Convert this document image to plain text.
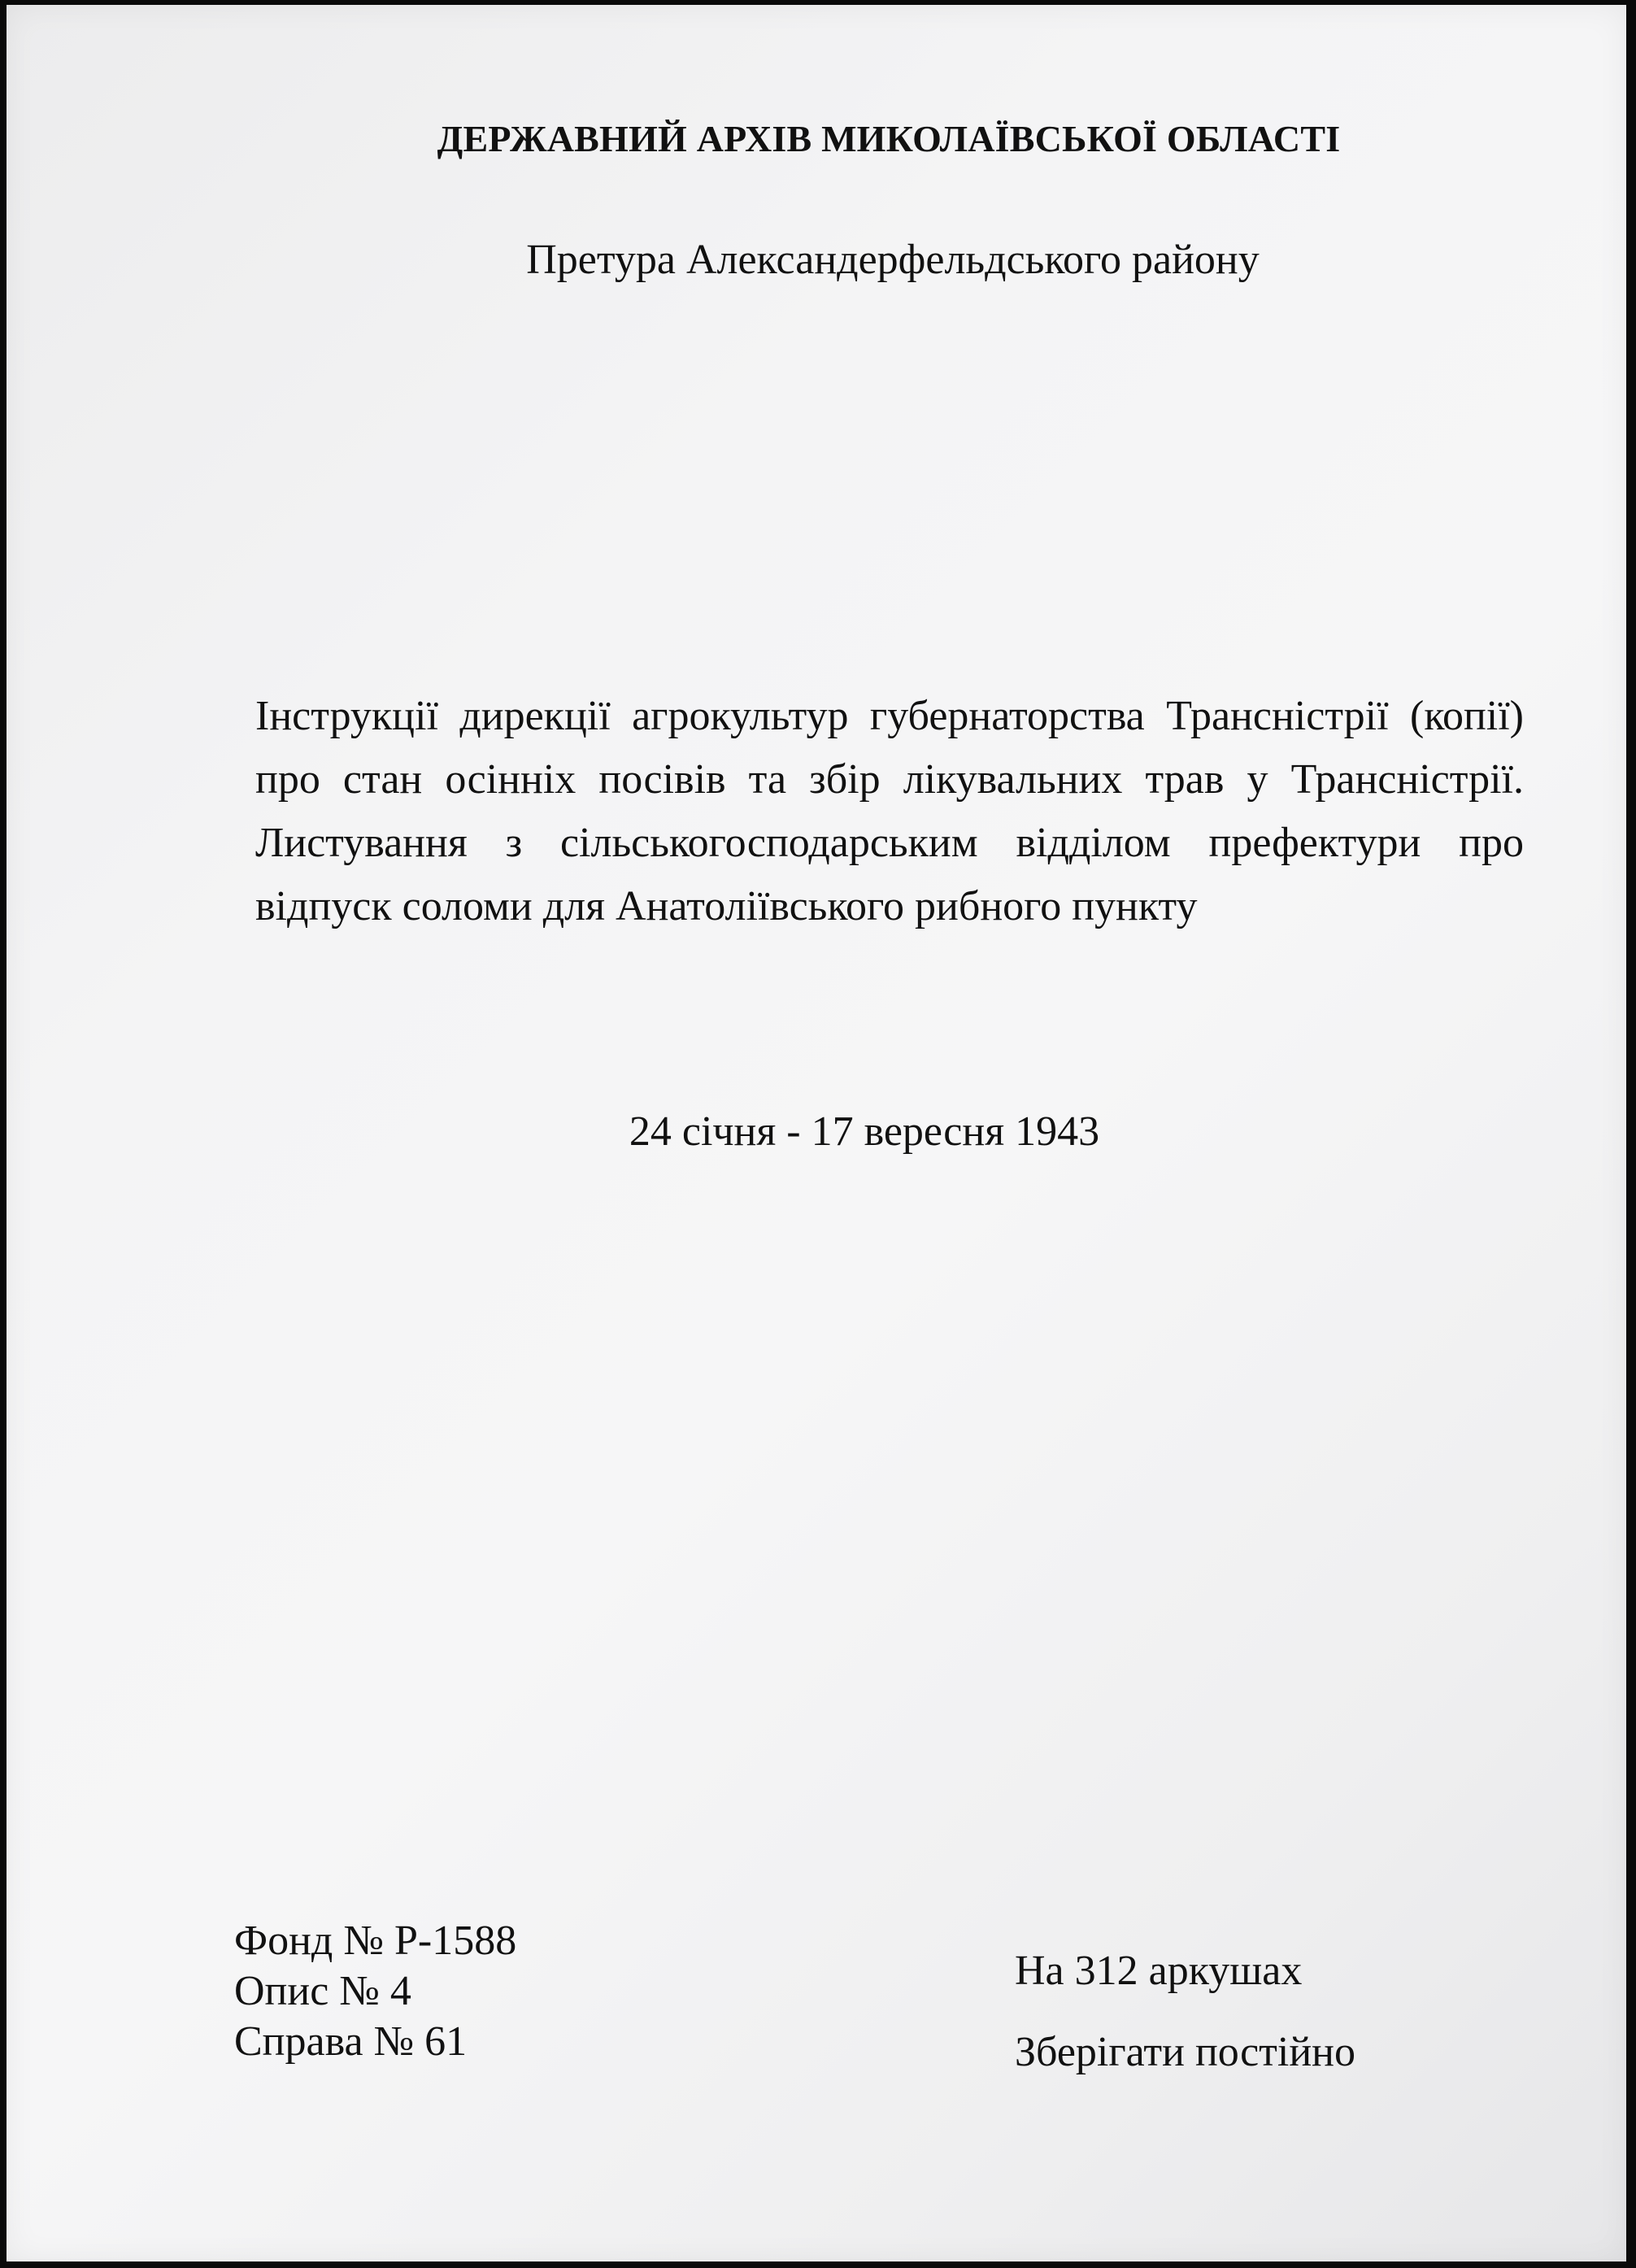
ДЕРЖАВНИЙ АРХІВ МИКОЛАЇВСЬКОЇ ОБЛАСТІ
Претура Александерфельдського району
Інструкції дирекції агрокультур губернаторства Трансністрії (копії)
про стан осінніх посівів та збір лікувальних трав у Трансністрії.
Листування з сільськогосподарським відділом префектури про
відпуск соломи для Анатоліївського рибного пункту
24 січня - 17 вересня 1943
Фонд № Р-1588
Опис № 4
Справа № 61
На 312 аркушах
Зберігати постійно
